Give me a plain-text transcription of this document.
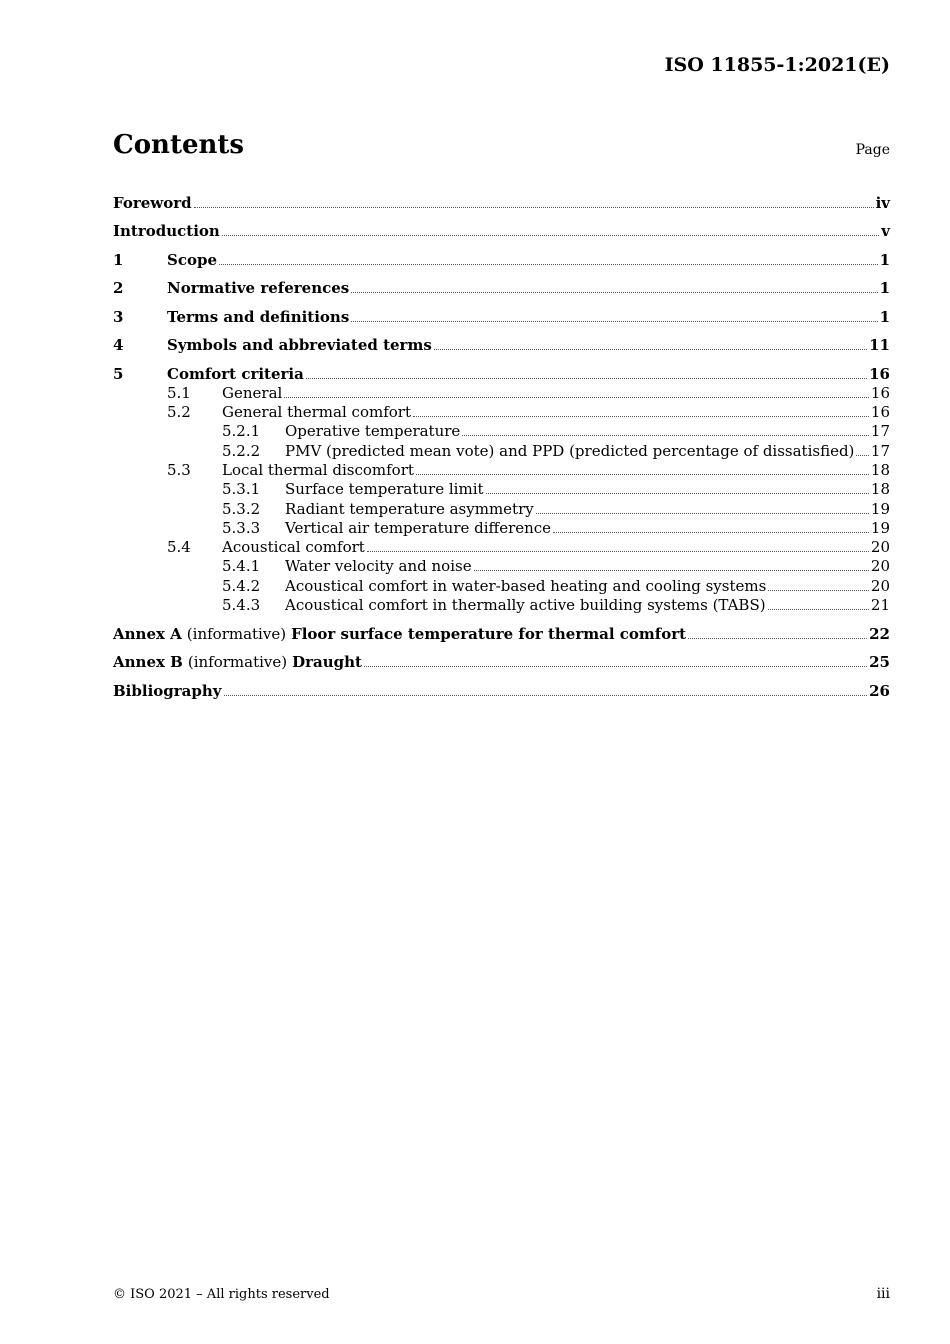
ISO 11855-1:2021(E)
Contents	Page
Foreword	iv
Introduction	v
1	Scope	1
2	Normative references	1
3	Terms and definitions	1
4	Symbols and abbreviated terms	11
5	Comfort criteria	16
5.1	General	16
5.2	General thermal comfort	16
5.2.1	Operative temperature	17
5.2.2	PMV (predicted mean vote) and PPD (predicted percentage of dissatisfied) 17
5.3	Local thermal discomfort	18
5.3.1	Surface temperature limit	18
5.3.2	Radiant temperature asymmetry	19
5.3.3	Vertical air temperature difference	19
5.4	Acoustical comfort	20
5.4.1	Water velocity and noise	20
5.4.2	Acoustical comfort in water-based heating and cooling systems	20
5.4.3	Acoustical comfort in thermally active building systems (TABS)	21
Annex A (informative) Floor surface temperature for thermal comfort	22
Annex B (informative) Draught	25
Bibliography	26
© ISO 2021 – All rights reserved	iii
